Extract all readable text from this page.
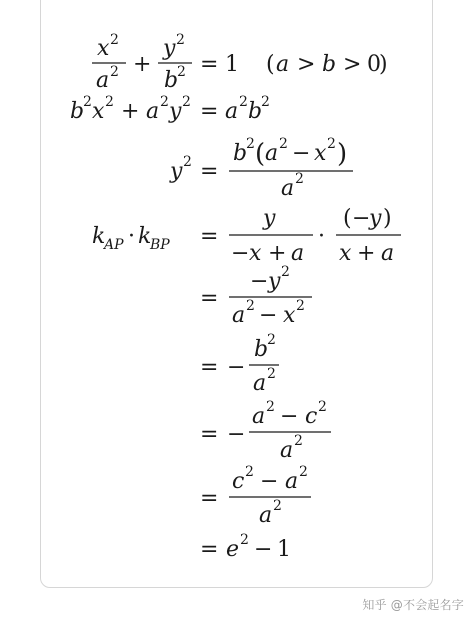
x 2
a 2 +
y 2
b
2 = 1 ( a > b > 0
)
b
2 x 2 + a 2 y 2 = a 2 b
2
y 2 =
b
2 ( a 2 − x 2 )
a 2
k
AP · k
BP =
y
− x + a
·
( −
y )
x + a
=
− y 2
a 2 − x 2
= −
b
2
a 2
= −
a 2 − c 2
a 2
=
c 2 − a 2
a 2
= e 2 − 1
知乎 @不会起名字
